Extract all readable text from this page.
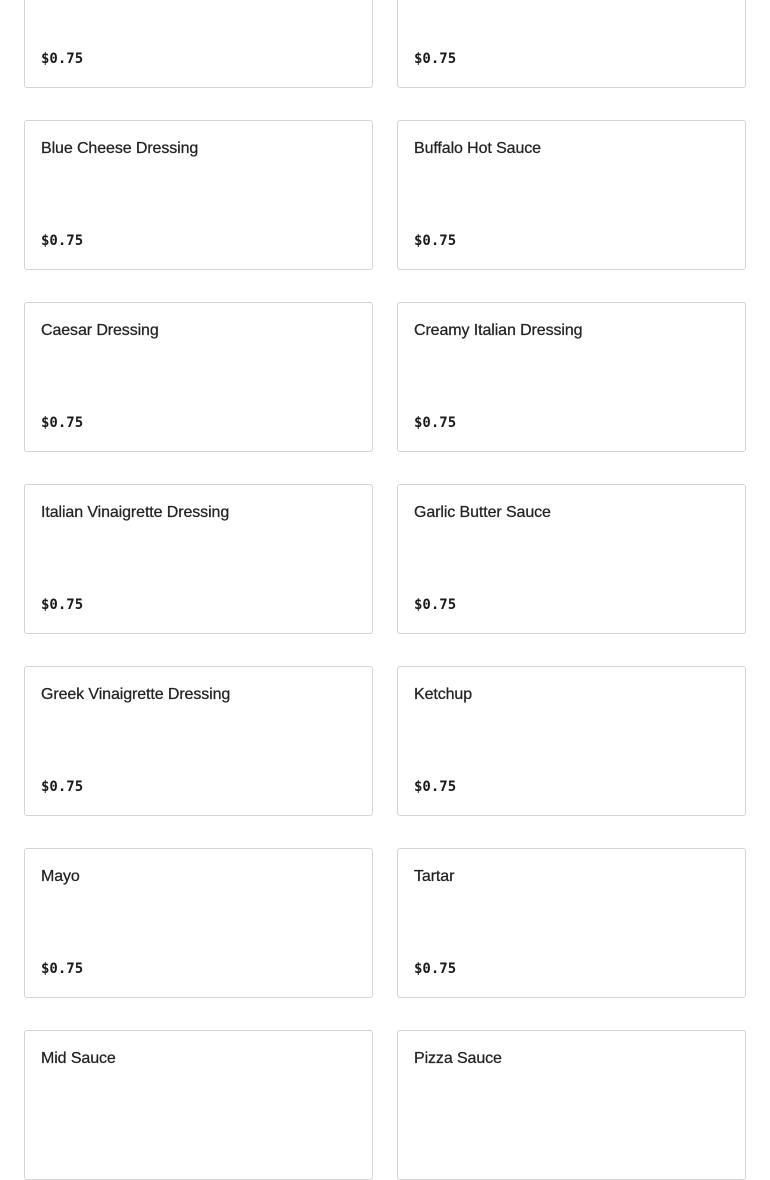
$0.75	$0.75
Blue Cheese Dressing
$0.75
Buffalo Hot Sauce
$0.75
Caesar Dressing
$0.75
Creamy Italian Dressing
$0.75
Italian Vinaigrette Dressing
$0.75
Garlic Butter Sauce
$0.75
Greek Vinaigrette Dressing
$0.75
Ketchup
$0.75
Mayo
$0.75
Tartar
$0.75
Mid Sauce	Pizza Sauce
